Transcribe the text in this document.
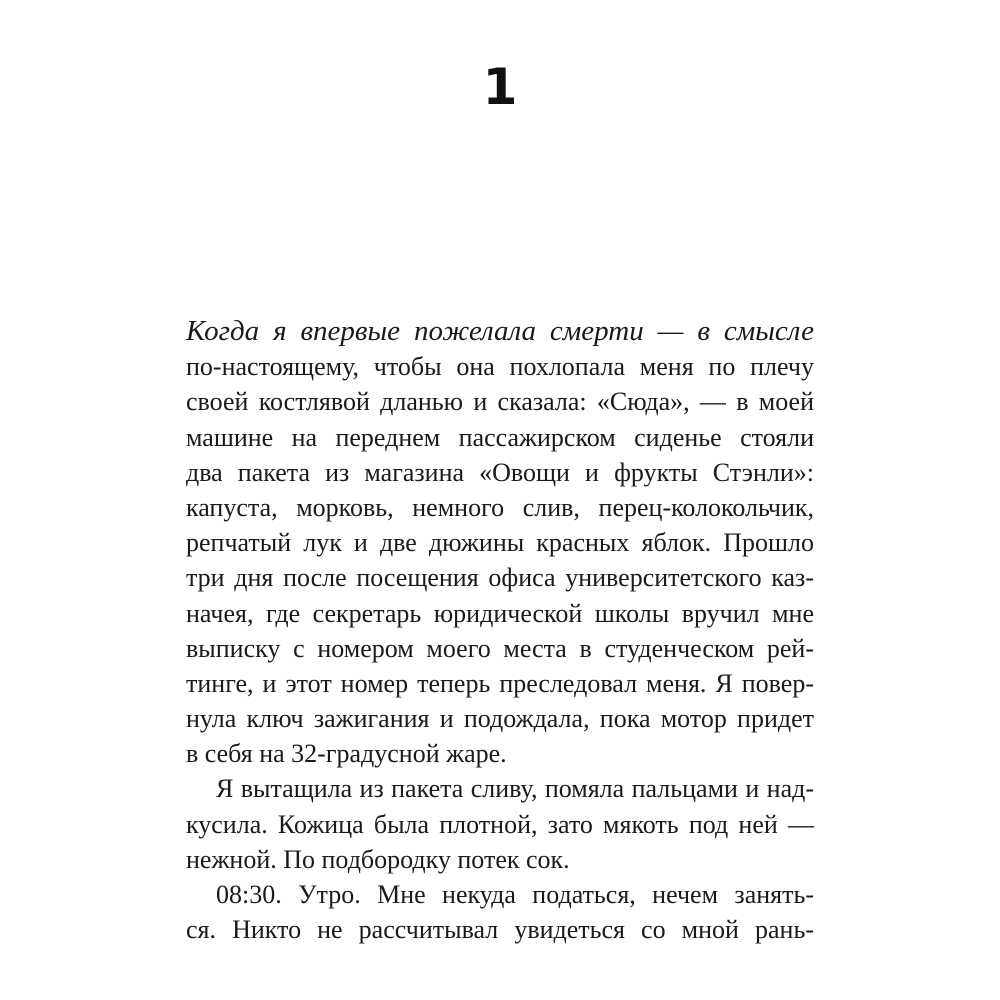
1
Когда я впервые пожелала смерти — в смысле
по-настоящему, чтобы она похлопала меня по плечу
своей костлявой дланью и сказала: «Сюда», — в моей
машине на переднем пассажирском сиденье стояли
два пакета из магазина «Овощи и фрукты Стэнли»:
капуста, морковь, немного слив, перец-колокольчик,
репчатый лук и две дюжины красных яблок. Прошло
три дня после посещения офиса университетского каз-
начея, где секретарь юридической школы вручил мне
выписку с номером моего места в студенческом рей-
тинге, и этот номер теперь преследовал меня. Я повер-
нула ключ зажигания и подождала, пока мотор придет
в себя на 32-градусной жаре.
Я вытащила из пакета сливу, помяла пальцами и над-
кусила. Кожица была плотной, зато мякоть под ней —
нежной. По подбородку потек сок.
08:30. Утро. Мне некуда податься, нечем занять-
ся. Никто не рассчитывал увидеться со мной рань-
